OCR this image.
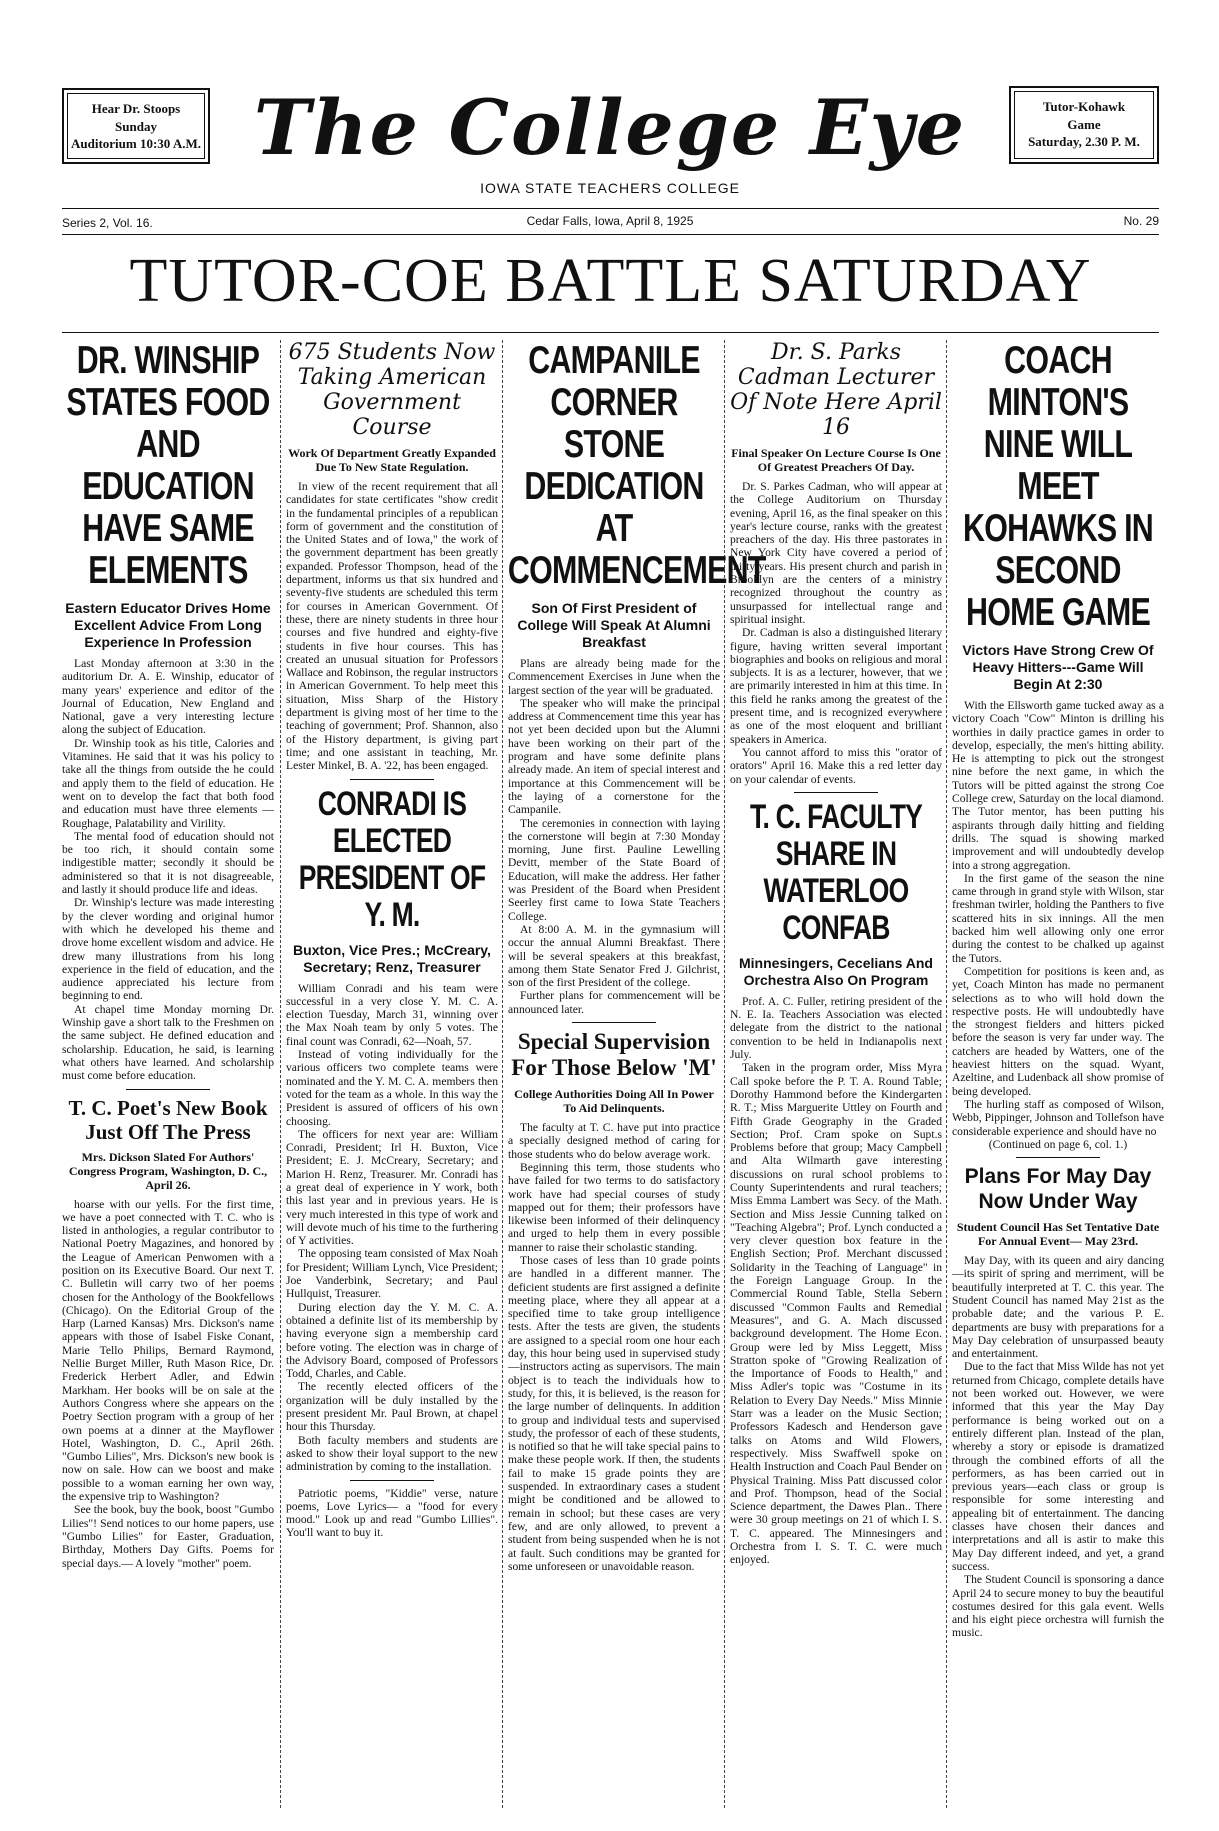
Hear Dr. Stoops
Sunday
Auditorium 10:30 A.M.
Tutor-Kohawk
Game
Saturday, 2.30 P. M.
The College Eye
IOWA STATE TEACHERS COLLEGE
Series 2, Vol. 16.	Cedar Falls, Iowa, April 8, 1925	No. 29
TUTOR-COE BATTLE SATURDAY
DR. WINSHIP STATES FOOD AND EDUCATION HAVE SAME ELEMENTS
Eastern Educator Drives Home Excellent Advice From Long Experience In Profession

Last Monday afternoon at 3:30 in the auditorium Dr. A. E. Winship, educator of many years' experience and editor of the Journal of Education, New England and National, gave a very interesting lecture along the subject of Education.

Dr. Winship took as his title, Calories and Vitamines. He said that it was his policy to take all the things from outside the he could and apply them to the field of education. He went on to develop the fact that both food and education must have three elements — Roughage, Palatability and Virility.

The mental food of education should not be too rich, it should contain some indigestible matter; secondly it should be administered so that it is not disagreeable, and lastly it should produce life and ideas.

Dr. Winship's lecture was made interesting by the clever wording and original humor with which he developed his theme and drove home excellent wisdom and advice. He drew many illustrations from his long experience in the field of education, and the audience appreciated his lecture from beginning to end.

At chapel time Monday morning Dr. Winship gave a short talk to the Freshmen on the same subject. He defined education and scholarship. Education, he said, is learning what others have learned. And scholarship must come before education.

T. C. Poet's New Book Just Off The Press
Mrs. Dickson Slated For Authors' Congress Program, Washington, D. C., April 26.

hoarse with our yells. For the first time, we have a poet connected with T. C. who is listed in anthologies, a regular contributor to National Poetry Magazines, and honored by the League of American Penwomen with a position on its Executive Board. Our next T. C. Bulletin will carry two of her poems chosen for the Anthology of the Bookfellows (Chicago). On the Editorial Group of the Harp (Larned Kansas) Mrs. Dickson's name appears with those of Isabel Fiske Conant, Marie Tello Philips, Bernard Raymond, Nellie Burget Miller, Ruth Mason Rice, Dr. Frederick Herbert Adler, and Edwin Markham. Her books will be on sale at the Authors Congress where she appears on the Poetry Section program with a group of her own poems at a dinner at the Mayflower Hotel, Washington, D. C., April 26th. "Gumbo Lilies", Mrs. Dickson's new book is now on sale. How can we boost and make possible to a woman earning her own way, the expensive trip to Washington?

See the book, buy the book, boost "Gumbo Lilies"! Send notices to our home papers, use "Gumbo Lilies" for Easter, Graduation, Birthday, Mothers Day Gifts. Poems for special days.— A lovely "mother" poem.

675 Students Now Taking American Government Course
Work Of Department Greatly Expanded Due To New State Regulation.

In view of the recent requirement that all candidates for state certificates "show credit in the fundamental principles of a republican form of government and the constitution of the United States and of Iowa," the work of the government department has been greatly expanded. Professor Thompson, head of the department, informs us that six hundred and seventy-five students are scheduled this term for courses in American Government. Of these, there are ninety students in three hour courses and five hundred and eighty-five students in five hour courses. This has created an unusual situation for Professors Wallace and Robinson, the regular instructors in American Government. To help meet this situation, Miss Sharp of the History department is giving most of her time to the teaching of government; Prof. Shannon, also of the History department, is giving part time; and one assistant in teaching, Mr. Lester Minkel, B. A. '22, has been engaged.

CONRADI IS ELECTED PRESIDENT OF Y. M.
Buxton, Vice Pres.; McCreary, Secretary; Renz, Treasurer

William Conradi and his team were successful in a very close Y. M. C. A. election Tuesday, March 31, winning over the Max Noah team by only 5 votes. The final count was Conradi, 62—Noah, 57.

Instead of voting individually for the various officers two complete teams were nominated and the Y. M. C. A. members then voted for the team as a whole. In this way the President is assured of officers of his own choosing.

The officers for next year are: William Conradi, President; Irl H. Buxton, Vice President; E. J. McCreary, Secretary; and Marion H. Renz, Treasurer. Mr. Conradi has a great deal of experience in Y work, both this last year and in previous years. He is very much interested in this type of work and will devote much of his time to the furthering of Y activities.

The opposing team consisted of Max Noah for President; William Lynch, Vice President; Joe Vanderbink, Secretary; and Paul Hullquist, Treasurer.

During election day the Y. M. C. A. obtained a definite list of its membership by having everyone sign a membership card before voting. The election was in charge of the Advisory Board, composed of Professors Todd, Charles, and Cable.

The recently elected officers of the organization will be duly installed by the present president Mr. Paul Brown, at chapel hour this Thursday.

Both faculty members and students are asked to show their loyal support to the new administration by coming to the installation.

Patriotic poems, "Kiddie" verse, nature poems, Love Lyrics— a "food for every mood." Look up and read "Gumbo Lillies". You'll want to buy it.

CAMPANILE CORNER STONE DEDICATION AT COMMENCEMENT
Son Of First President of College Will Speak At Alumni Breakfast

Plans are already being made for the Commencement Exercises in June when the largest section of the year will be graduated.

The speaker who will make the principal address at Commencement time this year has not yet been decided upon but the Alumni have been working on their part of the program and have some definite plans already made. An item of special interest and importance at this Commencement will be the laying of a cornerstone for the Campanile.

The ceremonies in connection with laying the cornerstone will begin at 7:30 Monday morning, June first. Pauline Lewelling Devitt, member of the State Board of Education, will make the address. Her father was President of the Board when President Seerley first came to Iowa State Teachers College.

At 8:00 A. M. in the gymnasium will occur the annual Alumni Breakfast. There will be several speakers at this breakfast, among them State Senator Fred J. Gilchrist, son of the first President of the college.

Further plans for commencement will be announced later.

Special Supervision For Those Below 'M'
College Authorities Doing All In Power To Aid Delinquents.

The faculty at T. C. have put into practice a specially designed method of caring for those students who do below average work.

Beginning this term, those students who have failed for two terms to do satisfactory work have had special courses of study mapped out for them; their professors have likewise been informed of their delinquency and urged to help them in every possible manner to raise their scholastic standing.

Those cases of less than 10 grade points are handled in a different manner. The deficient students are first assigned a definite meeting place, where they all appear at a specified time to take group intelligence tests. After the tests are given, the students are assigned to a special room one hour each day, this hour being used in supervised study—instructors acting as supervisors. The main object is to teach the individuals how to study, for this, it is believed, is the reason for the large number of delinquents. In addition to group and individual tests and supervised study, the professor of each of these students, is notified so that he will take special pains to make these people work. If then, the students fail to make 15 grade points they are suspended. In extraordinary cases a student might be conditioned and be allowed to remain in school; but these cases are very few, and are only allowed, to prevent a student from being suspended when he is not at fault. Such conditions may be granted for some unforeseen or unavoidable reason.

Dr. S. Parks Cadman Lecturer Of Note Here April 16
Final Speaker On Lecture Course Is One Of Greatest Preachers Of Day.

Dr. S. Parkes Cadman, who will appear at the College Auditorium on Thursday evening, April 16, as the final speaker on this year's lecture course, ranks with the greatest preachers of the day. His three pastorates in New York City have covered a period of thirty years. His present church and parish in Brooklyn are the centers of a ministry recognized throughout the country as unsurpassed for intellectual range and spiritual insight.

Dr. Cadman is also a distinguished literary figure, having written several important biographies and books on religious and moral subjects. It is as a lecturer, however, that we are primarily interested in him at this time. In this field he ranks among the greatest of the present time, and is recognized everywhere as one of the most eloquent and brilliant speakers in America.

You cannot afford to miss this "orator of orators" April 16. Make this a red letter day on your calendar of events.

T. C. FACULTY SHARE IN WATERLOO CONFAB
Minnesingers, Cecelians And Orchestra Also On Program

Prof. A. C. Fuller, retiring president of the N. E. Ia. Teachers Association was elected delegate from the district to the national convention to be held in Indianapolis next July.

Taken in the program order, Miss Myra Call spoke before the P. T. A. Round Table; Dorothy Hammond before the Kindergarten R. T.; Miss Marguerite Uttley on Fourth and Fifth Grade Geography in the Graded Section; Prof. Cram spoke on Supt.s Problems before that group; Macy Campbell and Alta Wilmarth gave interesting discussions on rural school problems to County Superintendents and rural teachers; Miss Emma Lambert was Secy. of the Math. Section and Miss Jessie Cunning talked on "Teaching Algebra"; Prof. Lynch conducted a very clever question box feature in the English Section; Prof. Merchant discussed Solidarity in the Teaching of Language" in the Foreign Language Group. In the Commercial Round Table, Stella Sebern discussed "Common Faults and Remedial Measures", and G. A. Mach discussed background development. The Home Econ. Group were led by Miss Leggett, Miss Stratton spoke of "Growing Realization of the Importance of Foods to Health," and Miss Adler's topic was "Costume in its Relation to Every Day Needs." Miss Minnie Starr was a leader on the Music Section; Professors Kadesch and Henderson gave talks on Atoms and Wild Flowers, respectively. Miss Swaffwell spoke on Health Instruction and Coach Paul Bender on Physical Training. Miss Patt discussed color and Prof. Thompson, head of the Social Science department, the Dawes Plan.. There were 30 group meetings on 21 of which I. S. T. C. appeared. The Minnesingers and Orchestra from I. S. T. C. were much enjoyed.

COACH MINTON'S NINE WILL MEET KOHAWKS IN SECOND HOME GAME
Victors Have Strong Crew Of Heavy Hitters---Game Will Begin At 2:30

With the Ellsworth game tucked away as a victory Coach "Cow" Minton is drilling his worthies in daily practice games in order to develop, especially, the men's hitting ability. He is attempting to pick out the strongest nine before the next game, in which the Tutors will be pitted against the strong Coe College crew, Saturday on the local diamond. The Tutor mentor, has been putting his aspirants through daily hitting and fielding drills. The squad is showing marked improvement and will undoubtedly develop into a strong aggregation.

In the first game of the season the nine came through in grand style with Wilson, star freshman twirler, holding the Panthers to five scattered hits in six innings. All the men backed him well allowing only one error during the contest to be chalked up against the Tutors.

Competition for positions is keen and, as yet, Coach Minton has made no permanent selections as to who will hold down the respective posts. He will undoubtedly have the strongest fielders and hitters picked before the season is very far under way. The catchers are headed by Watters, one of the heaviest hitters on the squad. Wyant, Azeltine, and Ludenback all show promise of being developed.

The hurling staff as composed of Wilson, Webb, Pippinger, Johnson and Tollefson have considerable experience and should have no

(Continued on page 6, col. 1.)
Plans For May Day Now Under Way
Student Council Has Set Tentative Date For Annual Event— May 23rd.

May Day, with its queen and airy dancing—its spirit of spring and merriment, will be beautifully interpreted at T. C. this year. The Student Council has named May 21st as the probable date; and the various P. E. departments are busy with preparations for a May Day celebration of unsurpassed beauty and entertainment.

Due to the fact that Miss Wilde has not yet returned from Chicago, complete details have not been worked out. However, we were informed that this year the May Day performance is being worked out on a entirely different plan. Instead of the plan, whereby a story or episode is dramatized through the combined efforts of all the performers, as has been carried out in previous years—each class or group is responsible for some interesting and appealing bit of entertainment. The dancing classes have chosen their dances and interpretations and all is astir to make this May Day different indeed, and yet, a grand success.

The Student Council is sponsoring a dance April 24 to secure money to buy the beautiful costumes desired for this gala event. Wells and his eight piece orchestra will furnish the music.
